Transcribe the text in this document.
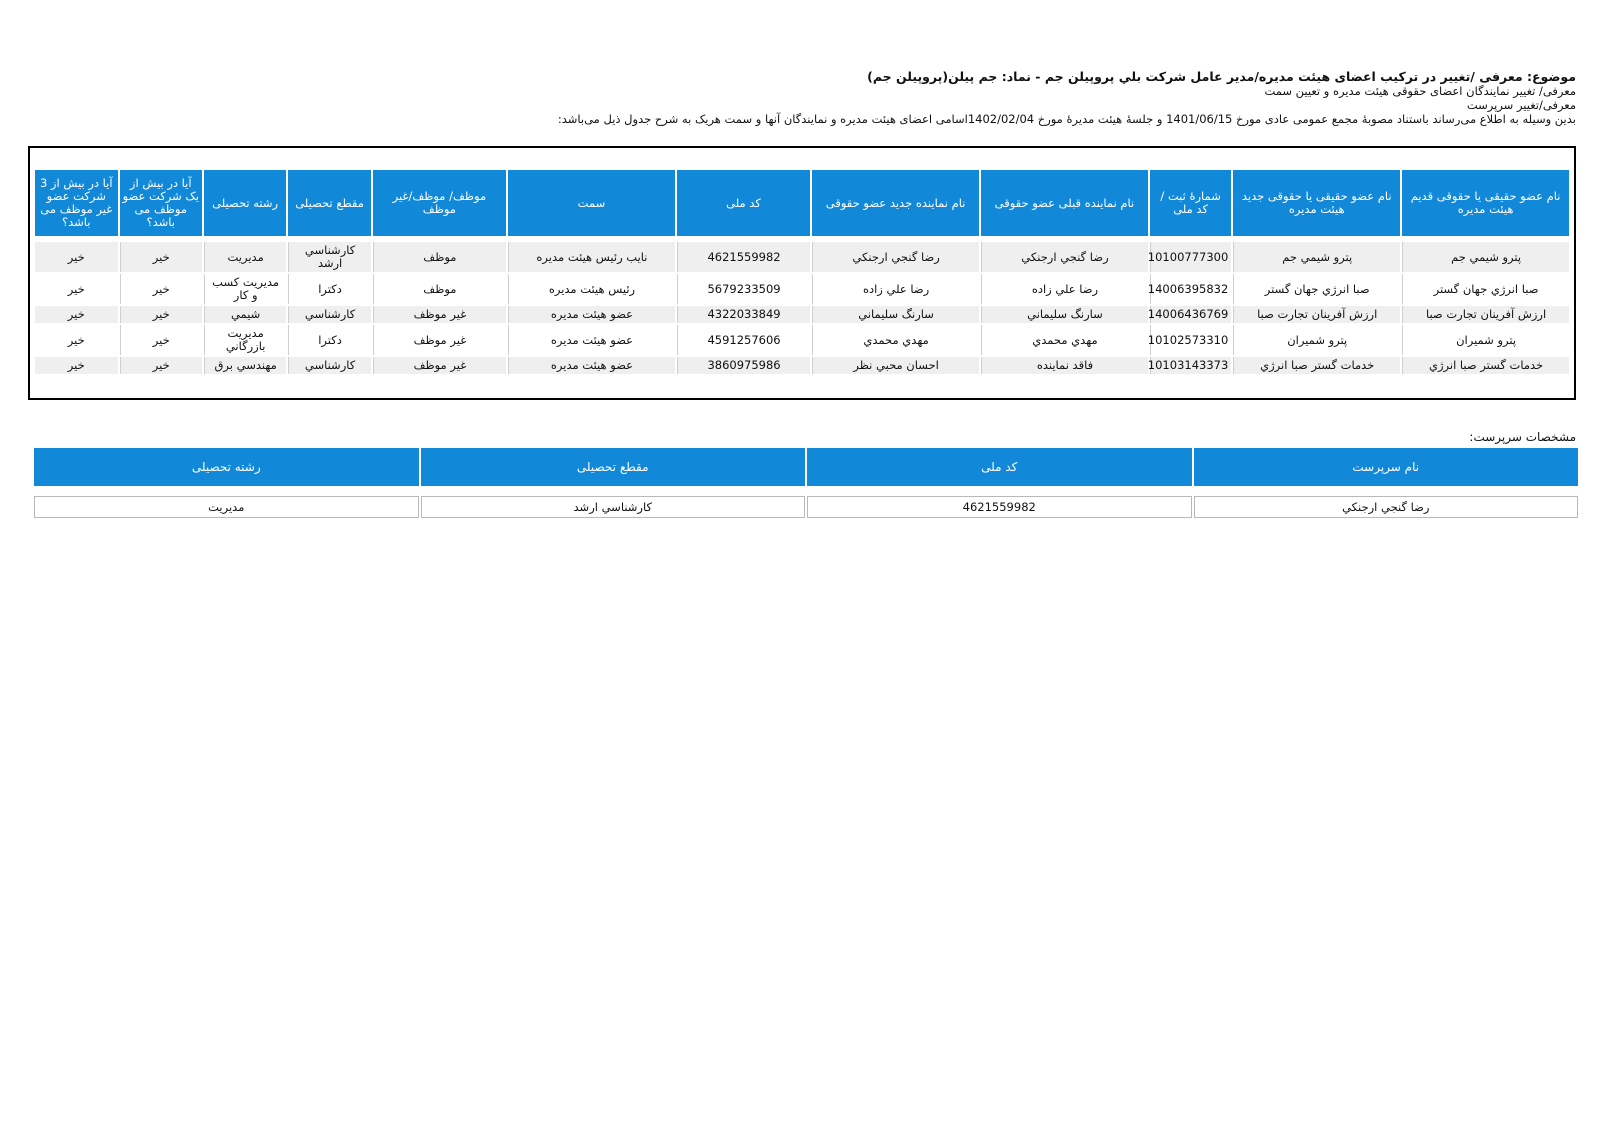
موضوع: معرفی /تغيير در تركيب اعضای هيئت مديره/مدیر عامل شرکت بلي پروپيلن جم - نماد: جم پيلن(پروپيلن جم)
معرفی/ تغییر نمایندگان اعضای حقوقی هیئت مدیره و تعیین سمت
معرفی/تغییر سرپرست
بدین وسیله به اطلاع می‌رساند باستناد مصوبهٔ مجمع عمومی عادی مورخ 1401/06/15 و جلسهٔ هیئت مدیرهٔ مورخ 1402/02/04اسامی اعضای هیئت مدیره و نمایندگان آنها و سمت هریک به شرح جدول ذیل می‌باشد:
نام عضو حقیقی یا حقوقی قدیم هیئت مدیره	نام عضو حقیقی یا حقوقی جدید هیئت مدیره	شمارهٔ ثبت / کد ملی	نام نماینده قبلی عضو حقوقی	نام نماینده جدید عضو حقوقی	کد ملی	سمت	موظف/ موظف/غیر موظف	مقطع تحصیلی	رشته تحصیلی	آیا در بیش از یک شرکت عضو موظف می باشد؟	آیا در بیش از 3 شرکت عضو غیر موظف می باشد؟

پترو شيمي جم	پترو شيمي جم	10100777300	رضا گنجي ارجنكي	رضا گنجي ارجنكي	4621559982	نايب رئيس هيئت مديره	موظف	كارشناسي ارشد	مديريت	خير	خير
صبا انرژي جهان گستر	صبا انرژي جهان گستر	14006395832	رضا علي زاده	رضا علي زاده	5679233509	رئيس هيئت مديره	موظف	دكترا	مديريت كسب و كار	خير	خير
ارزش آفرينان تجارت صبا	ارزش آفرينان تجارت صبا	14006436769	سارنگ سليماني	سارنگ سليماني	4322033849	عضو هيئت مديره	غير موظف	كارشناسي	شيمي	خير	خير
پترو شميران	پترو شميران	10102573310	مهدي محمدي	مهدي محمدي	4591257606	عضو هيئت مديره	غير موظف	دكترا	مديريت بازرگاني	خير	خير
خدمات گستر صبا انرژي	خدمات گستر صبا انرژي	10103143373	فاقد نماينده	احسان محبي نظر	3860975986	عضو هيئت مديره	غير موظف	كارشناسي	مهندسي برق	خير	خير
مشخصات سرپرست:
نام سرپرست	کد ملی	مقطع تحصیلی	رشته تحصیلی

رضا گنجي ارجنكي	4621559982	كارشناسي ارشد	مديريت
